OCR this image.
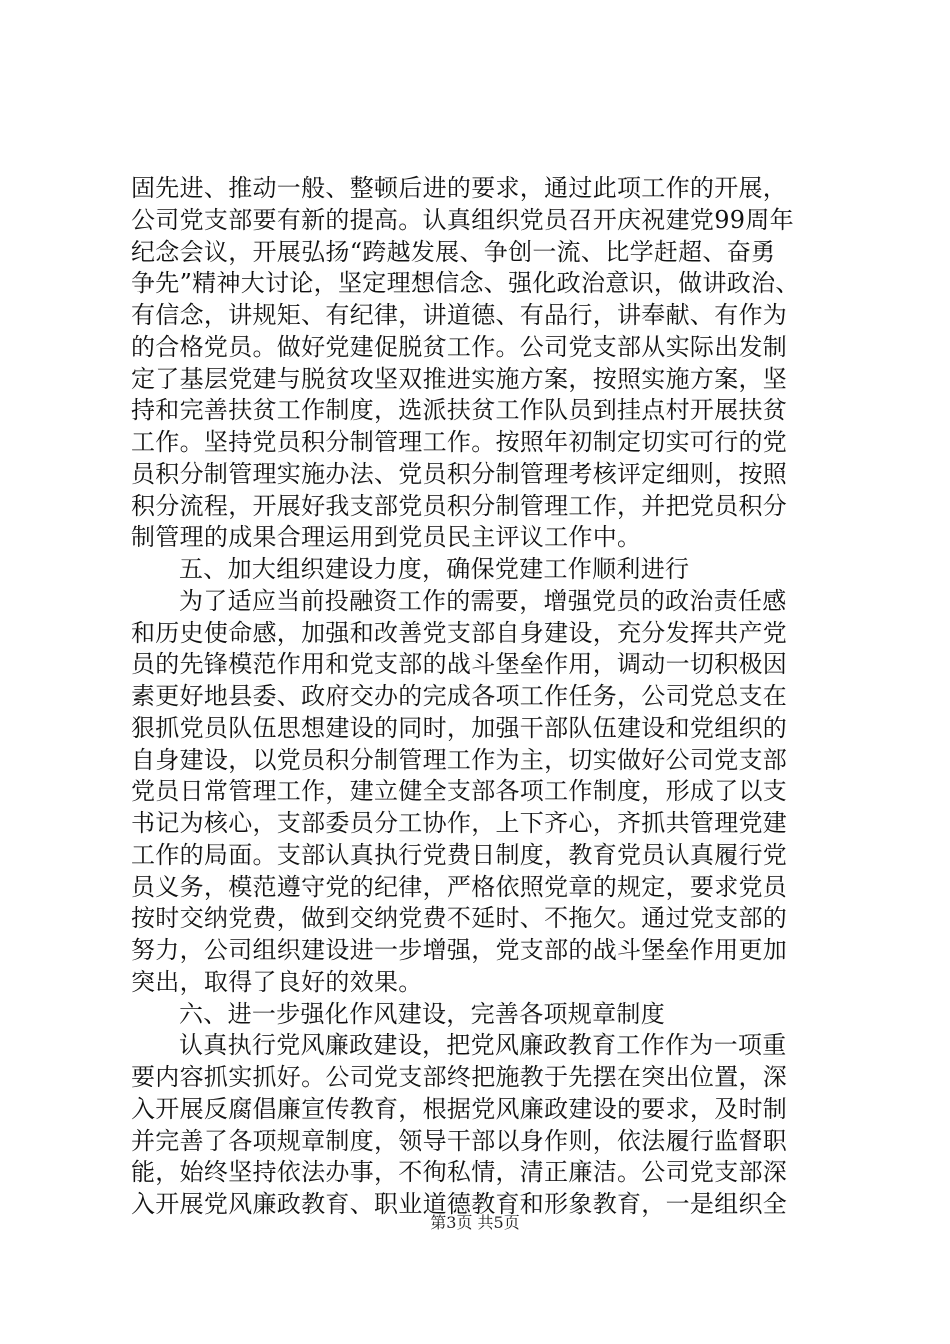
固先进、推动一般、整顿后进的要求，通过此项工作的开展，
公司党支部要有新的提高。认真组织党员召开庆祝建党99周年
纪念会议，开展弘扬“跨越发展、争创一流、比学赶超、奋勇
争先”精神大讨论，坚定理想信念、强化政治意识，做讲政治、
有信念，讲规矩、有纪律，讲道德、有品行，讲奉献、有作为
的合格党员。做好党建促脱贫工作。公司党支部从实际出发制
定了基层党建与脱贫攻坚双推进实施方案，按照实施方案，坚
持和完善扶贫工作制度，选派扶贫工作队员到挂点村开展扶贫
工作。坚持党员积分制管理工作。按照年初制定切实可行的党
员积分制管理实施办法、党员积分制管理考核评定细则，按照
积分流程，开展好我支部党员积分制管理工作，并把党员积分
制管理的成果合理运用到党员民主评议工作中。
五、加大组织建设力度，确保党建工作顺利进行
为了适应当前投融资工作的需要，增强党员的政治责任感
和历史使命感，加强和改善党支部自身建设，充分发挥共产党
员的先锋模范作用和党支部的战斗堡垒作用，调动一切积极因
素更好地县委、政府交办的完成各项工作任务，公司党总支在
狠抓党员队伍思想建设的同时，加强干部队伍建设和党组织的
自身建设，以党员积分制管理工作为主，切实做好公司党支部
党员日常管理工作，建立健全支部各项工作制度，形成了以支
书记为核心，支部委员分工协作，上下齐心，齐抓共管理党建
工作的局面。支部认真执行党费日制度，教育党员认真履行党
员义务，模范遵守党的纪律，严格依照党章的规定，要求党员
按时交纳党费，做到交纳党费不延时、不拖欠。通过党支部的
努力，公司组织建设进一步增强，党支部的战斗堡垒作用更加
突出，取得了良好的效果。
六、进一步强化作风建设，完善各项规章制度
认真执行党风廉政建设，把党风廉政教育工作作为一项重
要内容抓实抓好。公司党支部终把施教于先摆在突出位置，深
第3页 共5页
入开展反腐倡廉宣传教育，根据党风廉政建设的要求，及时制
并完善了各项规章制度，领导干部以身作则，依法履行监督职
能，始终坚持依法办事，不徇私情，清正廉洁。公司党支部深
入开展党风廉政教育、职业道德教育和形象教育，一是组织全
